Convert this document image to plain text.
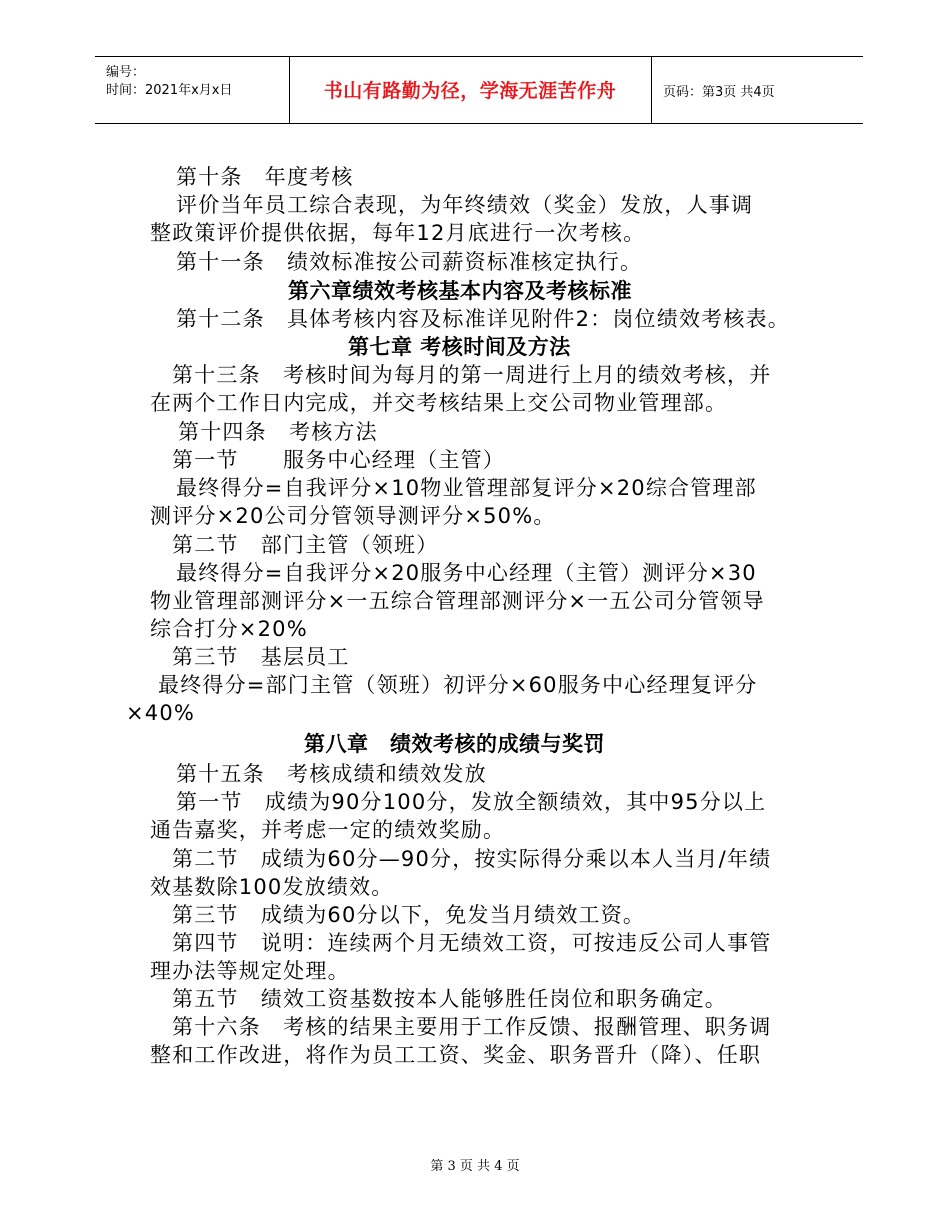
编号：
时间：2021年x月x日	书山有路勤为径，学海无涯苦作舟	页码：第3页 共4页
第十条　年度考核
评价当年员工综合表现，为年终绩效（奖金）发放，人事调
整政策评价提供依据，每年12月底进行一次考核。
第十一条　绩效标准按公司薪资标准核定执行。
第六章绩效考核基本内容及考核标准
第十二条　具体考核内容及标准详见附件2：岗位绩效考核表。
第七章 考核时间及方法
第十三条　考核时间为每月的第一周进行上月的绩效考核，并
在两个工作日内完成，并交考核结果上交公司物业管理部。
第十四条　考核方法
第一节　　服务中心经理（主管）
最终得分=自我评分×10物业管理部复评分×20综合管理部
测评分×20公司分管领导测评分×50%。
第二节　部门主管（领班）
最终得分=自我评分×20服务中心经理（主管）测评分×30
物业管理部测评分×一五综合管理部测评分×一五公司分管领导
综合打分×20%
第三节　基层员工
最终得分=部门主管（领班）初评分×60服务中心经理复评分
×40%
第八章　绩效考核的成绩与奖罚
第十五条　考核成绩和绩效发放
第一节　成绩为90分100分，发放全额绩效，其中95分以上
通告嘉奖，并考虑一定的绩效奖励。
第二节　成绩为60分—90分，按实际得分乘以本人当月/年绩
效基数除100发放绩效。
第三节　成绩为60分以下，免发当月绩效工资。
第四节　说明：连续两个月无绩效工资，可按违反公司人事管
理办法等规定处理。
第五节　绩效工资基数按本人能够胜任岗位和职务确定。
第十六条　考核的结果主要用于工作反馈、报酬管理、职务调
整和工作改进，将作为员工工资、奖金、职务晋升（降）、任职
第 3 页 共 4 页
